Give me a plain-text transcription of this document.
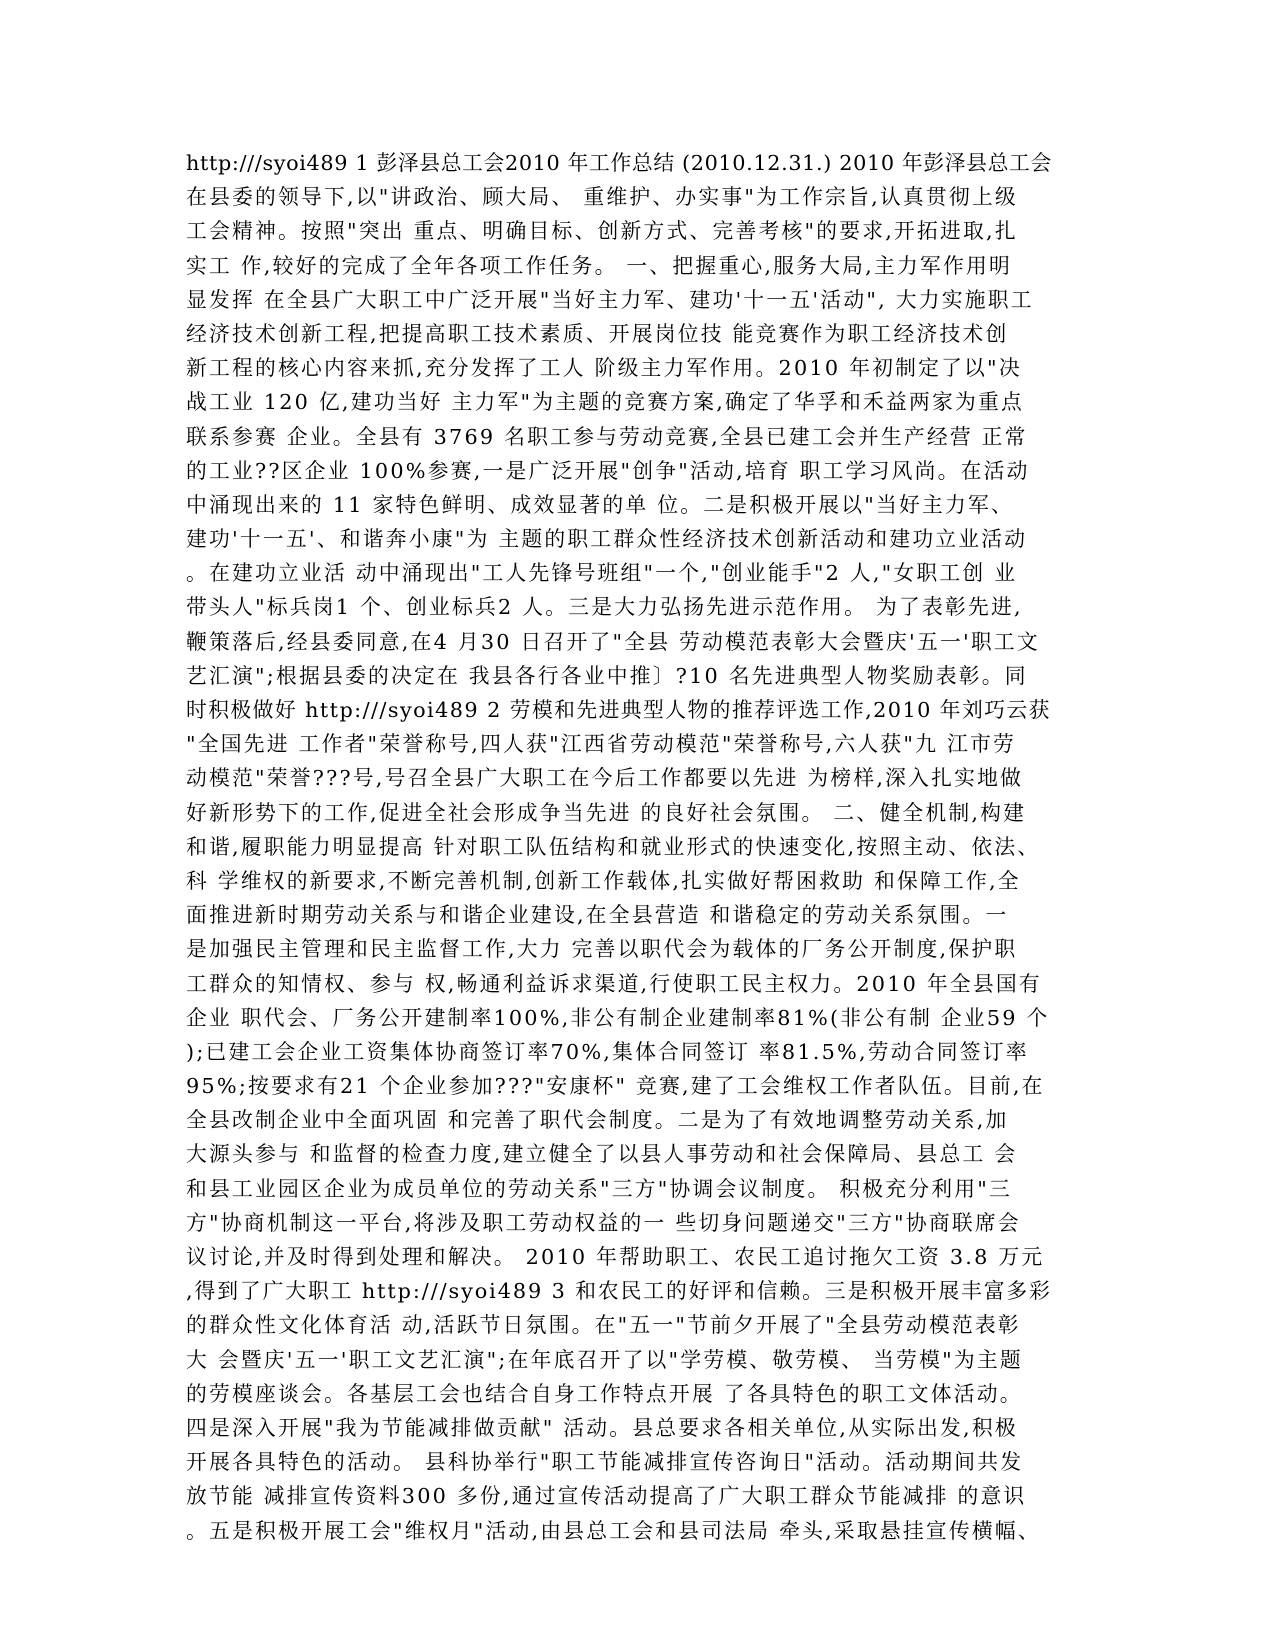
http:///syoi489 1 彭泽县总工会2010 年工作总结 (2010.12.31.) 2010 年彭泽县总工会
在县委的领导下,以"讲政治、顾大局、 重维护、办实事"为工作宗旨,认真贯彻上级
工会精神。按照"突出 重点、明确目标、创新方式、完善考核"的要求,开拓进取,扎
实工 作,较好的完成了全年各项工作任务。 一、把握重心,服务大局,主力军作用明
显发挥 在全县广大职工中广泛开展"当好主力军、建功'十一五'活动", 大力实施职工
经济技术创新工程,把提高职工技术素质、开展岗位技 能竞赛作为职工经济技术创
新工程的核心内容来抓,充分发挥了工人 阶级主力军作用。2010 年初制定了以"决
战工业 120 亿,建功当好 主力军"为主题的竞赛方案,确定了华孚和禾益两家为重点
联系参赛 企业。全县有 3769 名职工参与劳动竞赛,全县已建工会并生产经营 正常
的工业??区企业 100%参赛,一是广泛开展"创争"活动,培育 职工学习风尚。在活动
中涌现出来的 11 家特色鲜明、成效显著的单 位。二是积极开展以"当好主力军、
建功'十一五'、和谐奔小康"为 主题的职工群众性经济技术创新活动和建功立业活动
。在建功立业活 动中涌现出"工人先锋号班组"一个,"创业能手"2 人,"女职工创 业
带头人"标兵岗1 个、创业标兵2 人。三是大力弘扬先进示范作用。 为了表彰先进,
鞭策落后,经县委同意,在4 月30 日召开了"全县 劳动模范表彰大会暨庆'五一'职工文
艺汇演";根据县委的决定在 我县各行各业中推〕?10 名先进典型人物奖励表彰。同
时积极做好 http:///syoi489 2 劳模和先进典型人物的推荐评选工作,2010 年刘巧云获
"全国先进 工作者"荣誉称号,四人获"江西省劳动模范"荣誉称号,六人获"九 江市劳
动模范"荣誉???号,号召全县广大职工在今后工作都要以先进 为榜样,深入扎实地做
好新形势下的工作,促进全社会形成争当先进 的良好社会氛围。 二、健全机制,构建
和谐,履职能力明显提高 针对职工队伍结构和就业形式的快速变化,按照主动、依法、
科 学维权的新要求,不断完善机制,创新工作载体,扎实做好帮困救助 和保障工作,全
面推进新时期劳动关系与和谐企业建设,在全县营造 和谐稳定的劳动关系氛围。一
是加强民主管理和民主监督工作,大力 完善以职代会为载体的厂务公开制度,保护职
工群众的知情权、参与 权,畅通利益诉求渠道,行使职工民主权力。2010 年全县国有
企业 职代会、厂务公开建制率100%,非公有制企业建制率81%(非公有制 企业59 个
);已建工会企业工资集体协商签订率70%,集体合同签订 率81.5%,劳动合同签订率
95%;按要求有21 个企业参加???"安康杯" 竞赛,建了工会维权工作者队伍。目前,在
全县改制企业中全面巩固 和完善了职代会制度。二是为了有效地调整劳动关系,加
大源头参与 和监督的检查力度,建立健全了以县人事劳动和社会保障局、县总工 会
和县工业园区企业为成员单位的劳动关系"三方"协调会议制度。 积极充分利用"三
方"协商机制这一平台,将涉及职工劳动权益的一 些切身问题递交"三方"协商联席会
议讨论,并及时得到处理和解决。 2010 年帮助职工、农民工追讨拖欠工资 3.8 万元
,得到了广大职工 http:///syoi489 3 和农民工的好评和信赖。三是积极开展丰富多彩
的群众性文化体育活 动,活跃节日氛围。在"五一"节前夕开展了"全县劳动模范表彰
大 会暨庆'五一'职工文艺汇演";在年底召开了以"学劳模、敬劳模、 当劳模"为主题
的劳模座谈会。各基层工会也结合自身工作特点开展 了各具特色的职工文体活动。
四是深入开展"我为节能减排做贡献" 活动。县总要求各相关单位,从实际出发,积极
开展各具特色的活动。 县科协举行"职工节能减排宣传咨询日"活动。活动期间共发
放节能 减排宣传资料300 多份,通过宣传活动提高了广大职工群众节能减排 的意识
。五是积极开展工会"维权月"活动,由县总工会和县司法局 牵头,采取悬挂宣传横幅、
